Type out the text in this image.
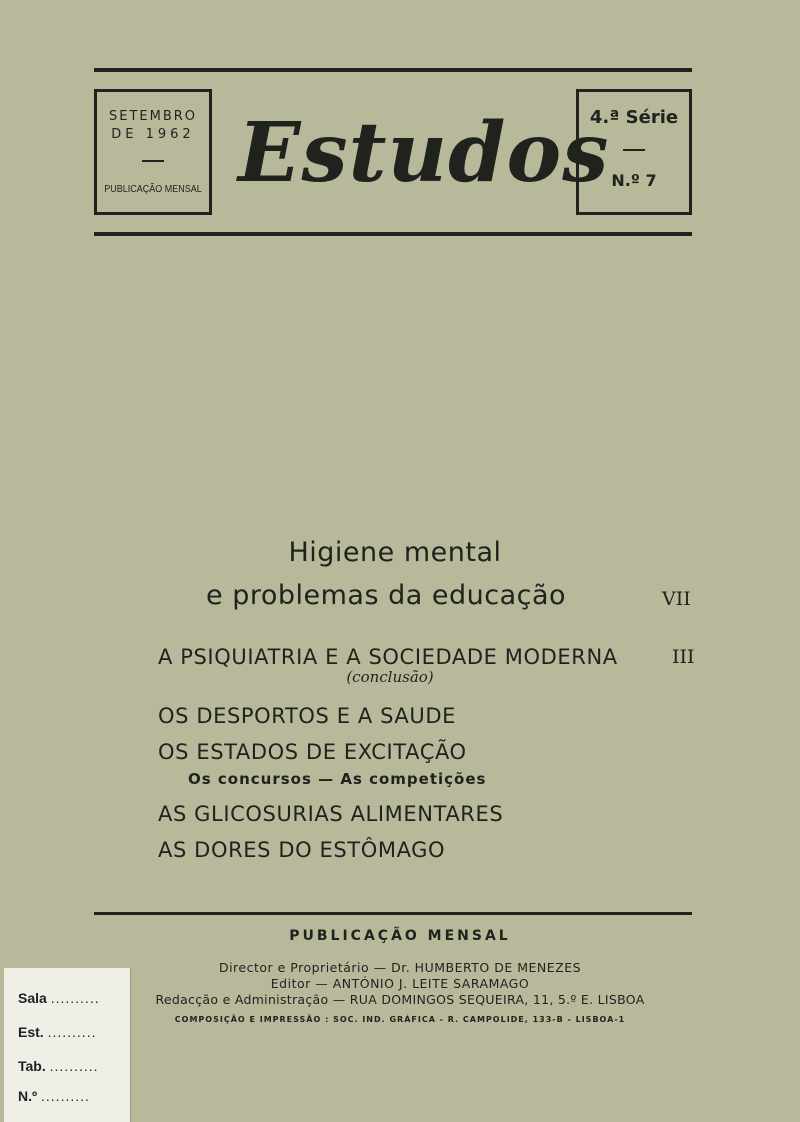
SETEMBRO
DE 1962
PUBLICAÇÃO MENSAL Estudos
4.ª Série
N.º 7
Higiene mental
e problemas da educação	VII
A PSIQUIATRIA E A SOCIEDADE MODERNA	III
(conclusão)
OS DESPORTOS E A SAUDE
OS ESTADOS DE EXCITAÇÃO
Os concursos — As competições
AS GLICOSURIAS ALIMENTARES
AS DORES DO ESTÔMAGO
PUBLICAÇÃO MENSAL
Director e Proprietário — Dr. HUMBERTO DE MENEZES
Editor — ANTÓNIO J. LEITE SARAMAGO
Redacção e Administração — RUA DOMINGOS SEQUEIRA, 11, 5.º E. LISBOA
COMPOSIÇÃO E IMPRESSÃO : SOC. IND. GRÁFICA - R. CAMPOLIDE, 133-B - LISBOA-1
Sala ..........
Est. ..........
Tab. ..........
N.º ..........
